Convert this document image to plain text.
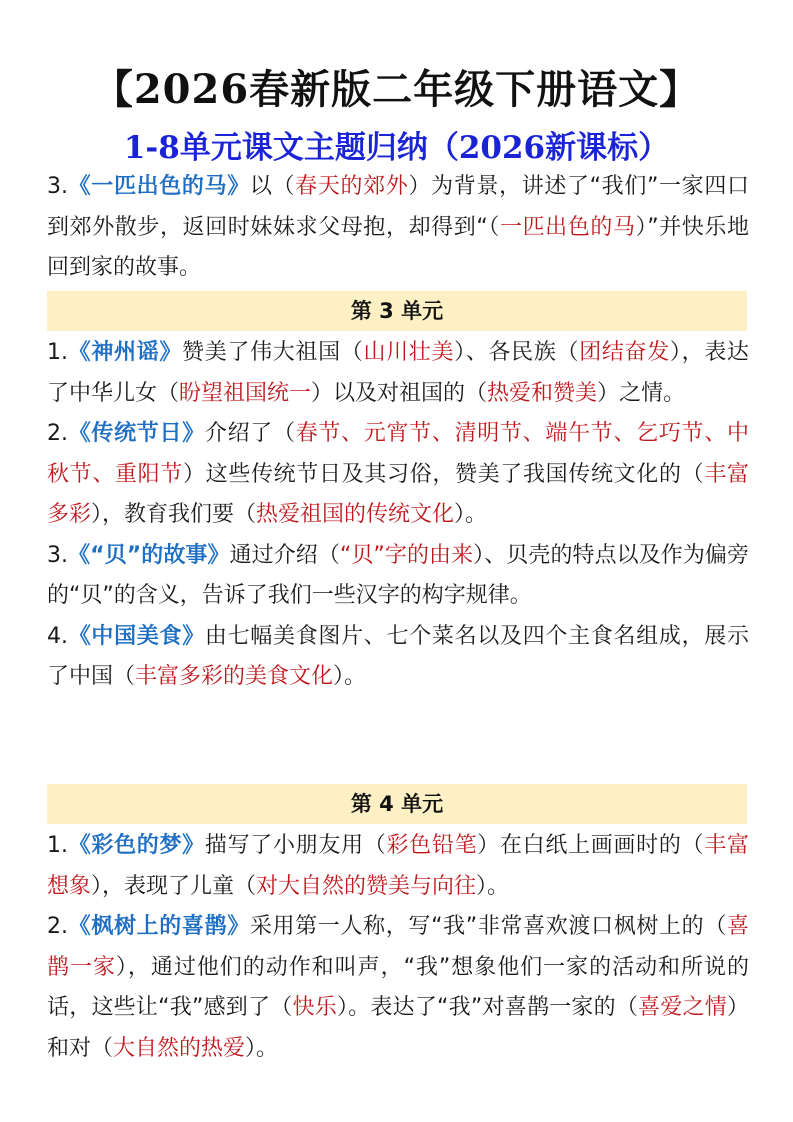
【2026春新版二年级下册语文】
1-8单元课文主题归纳（2026新课标）
3.《一匹出色的马》以（春天的郊外）为背景，讲述了“我们”一家四口到郊外散步，返回时妹妹求父母抱，却得到“（一匹出色的马）”并快乐地回到家的故事。
第 3 单元
1.《神州谣》赞美了伟大祖国（山川壮美）、各民族（团结奋发），表达了中华儿女（盼望祖国统一）以及对祖国的（热爱和赞美）之情。
2.《传统节日》介绍了（春节、元宵节、清明节、端午节、乞巧节、中秋节、重阳节）这些传统节日及其习俗，赞美了我国传统文化的（丰富多彩），教育我们要（热爱祖国的传统文化）。
3.《“贝”的故事》通过介绍（“贝”字的由来）、贝壳的特点以及作为偏旁的“贝”的含义，告诉了我们一些汉字的构字规律。
4.《中国美食》由七幅美食图片、七个菜名以及四个主食名组成，展示了中国（丰富多彩的美食文化）。
第 4 单元
1.《彩色的梦》描写了小朋友用（彩色铅笔）在白纸上画画时的（丰富想象），表现了儿童（对大自然的赞美与向往）。
2.《枫树上的喜鹊》采用第一人称，写“我”非常喜欢渡口枫树上的（喜鹊一家），通过他们的动作和叫声，“我”想象他们一家的活动和所说的话，这些让“我”感到了（快乐）。表达了“我”对喜鹊一家的（喜爱之情）和对（大自然的热爱）。
